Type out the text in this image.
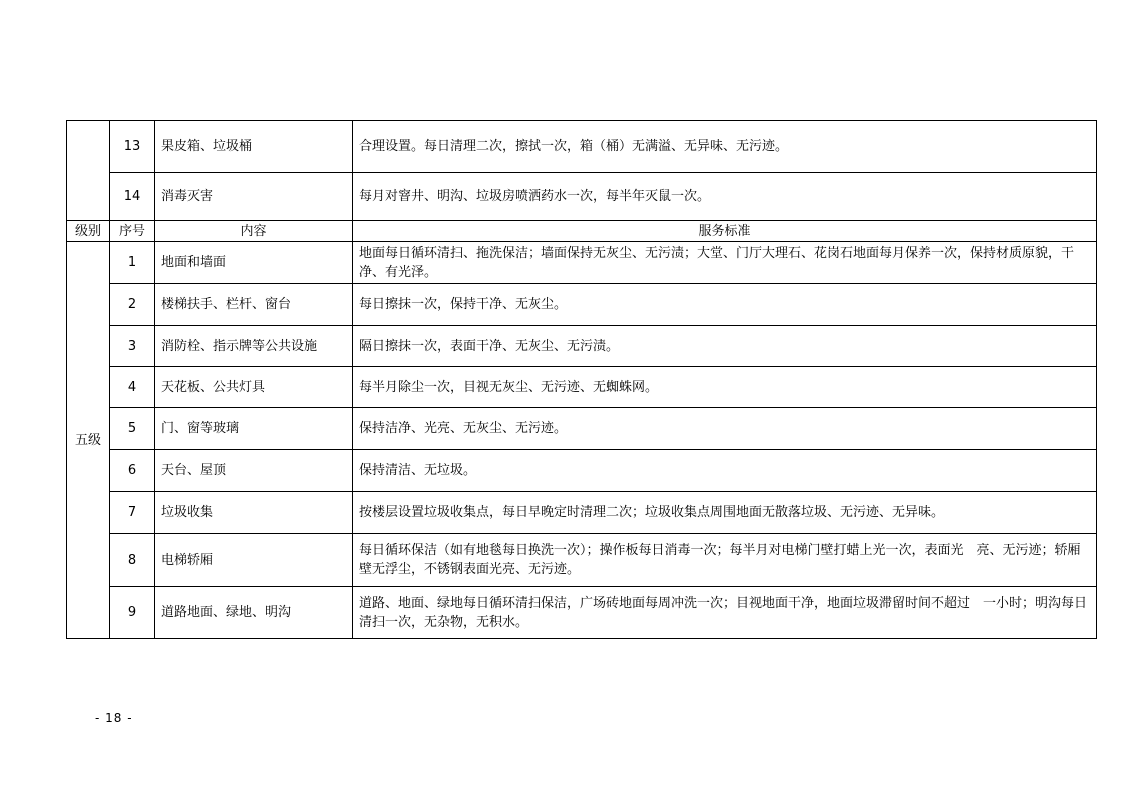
	13	果皮箱、垃圾桶	合理设置。每日清理二次，擦拭一次，箱（桶）无满溢、无异味、无污迹。
	14	消毒灭害	每月对窨井、明沟、垃圾房喷洒药水一次，每半年灭鼠一次。
级别	序号	内容	服务标准
五级	1	地面和墙面	地面每日循环清扫、拖洗保洁；墙面保持无灰尘、无污渍；大堂、门厅大理石、花岗石地面每月保养一次，保持材质原貌，干净、有光泽。
	2	楼梯扶手、栏杆、窗台	每日擦抹一次，保持干净、无灰尘。
	3	消防栓、指示牌等公共设施	隔日擦抹一次，表面干净、无灰尘、无污渍。
	4	天花板、公共灯具	每半月除尘一次，目视无灰尘、无污迹、无蜘蛛网。
	5	门、窗等玻璃	保持洁净、光亮、无灰尘、无污迹。
	6	天台、屋顶	保持清洁、无垃圾。
	7	垃圾收集	按楼层设置垃圾收集点，每日早晚定时清理二次；垃圾收集点周围地面无散落垃圾、无污迹、无异味。
	8	电梯轿厢	每日循环保洁（如有地毯每日换洗一次）；操作板每日消毒一次；每半月对电梯门壁打蜡上光一次，表面光　亮、无污迹；轿厢壁无浮尘，不锈钢表面光亮、无污迹。
	9	道路地面、绿地、明沟	道路、地面、绿地每日循环清扫保洁，广场砖地面每周冲洗一次；目视地面干净，地面垃圾滞留时间不超过　一小时；明沟每日清扫一次，无杂物，无积水。
- 18 -
